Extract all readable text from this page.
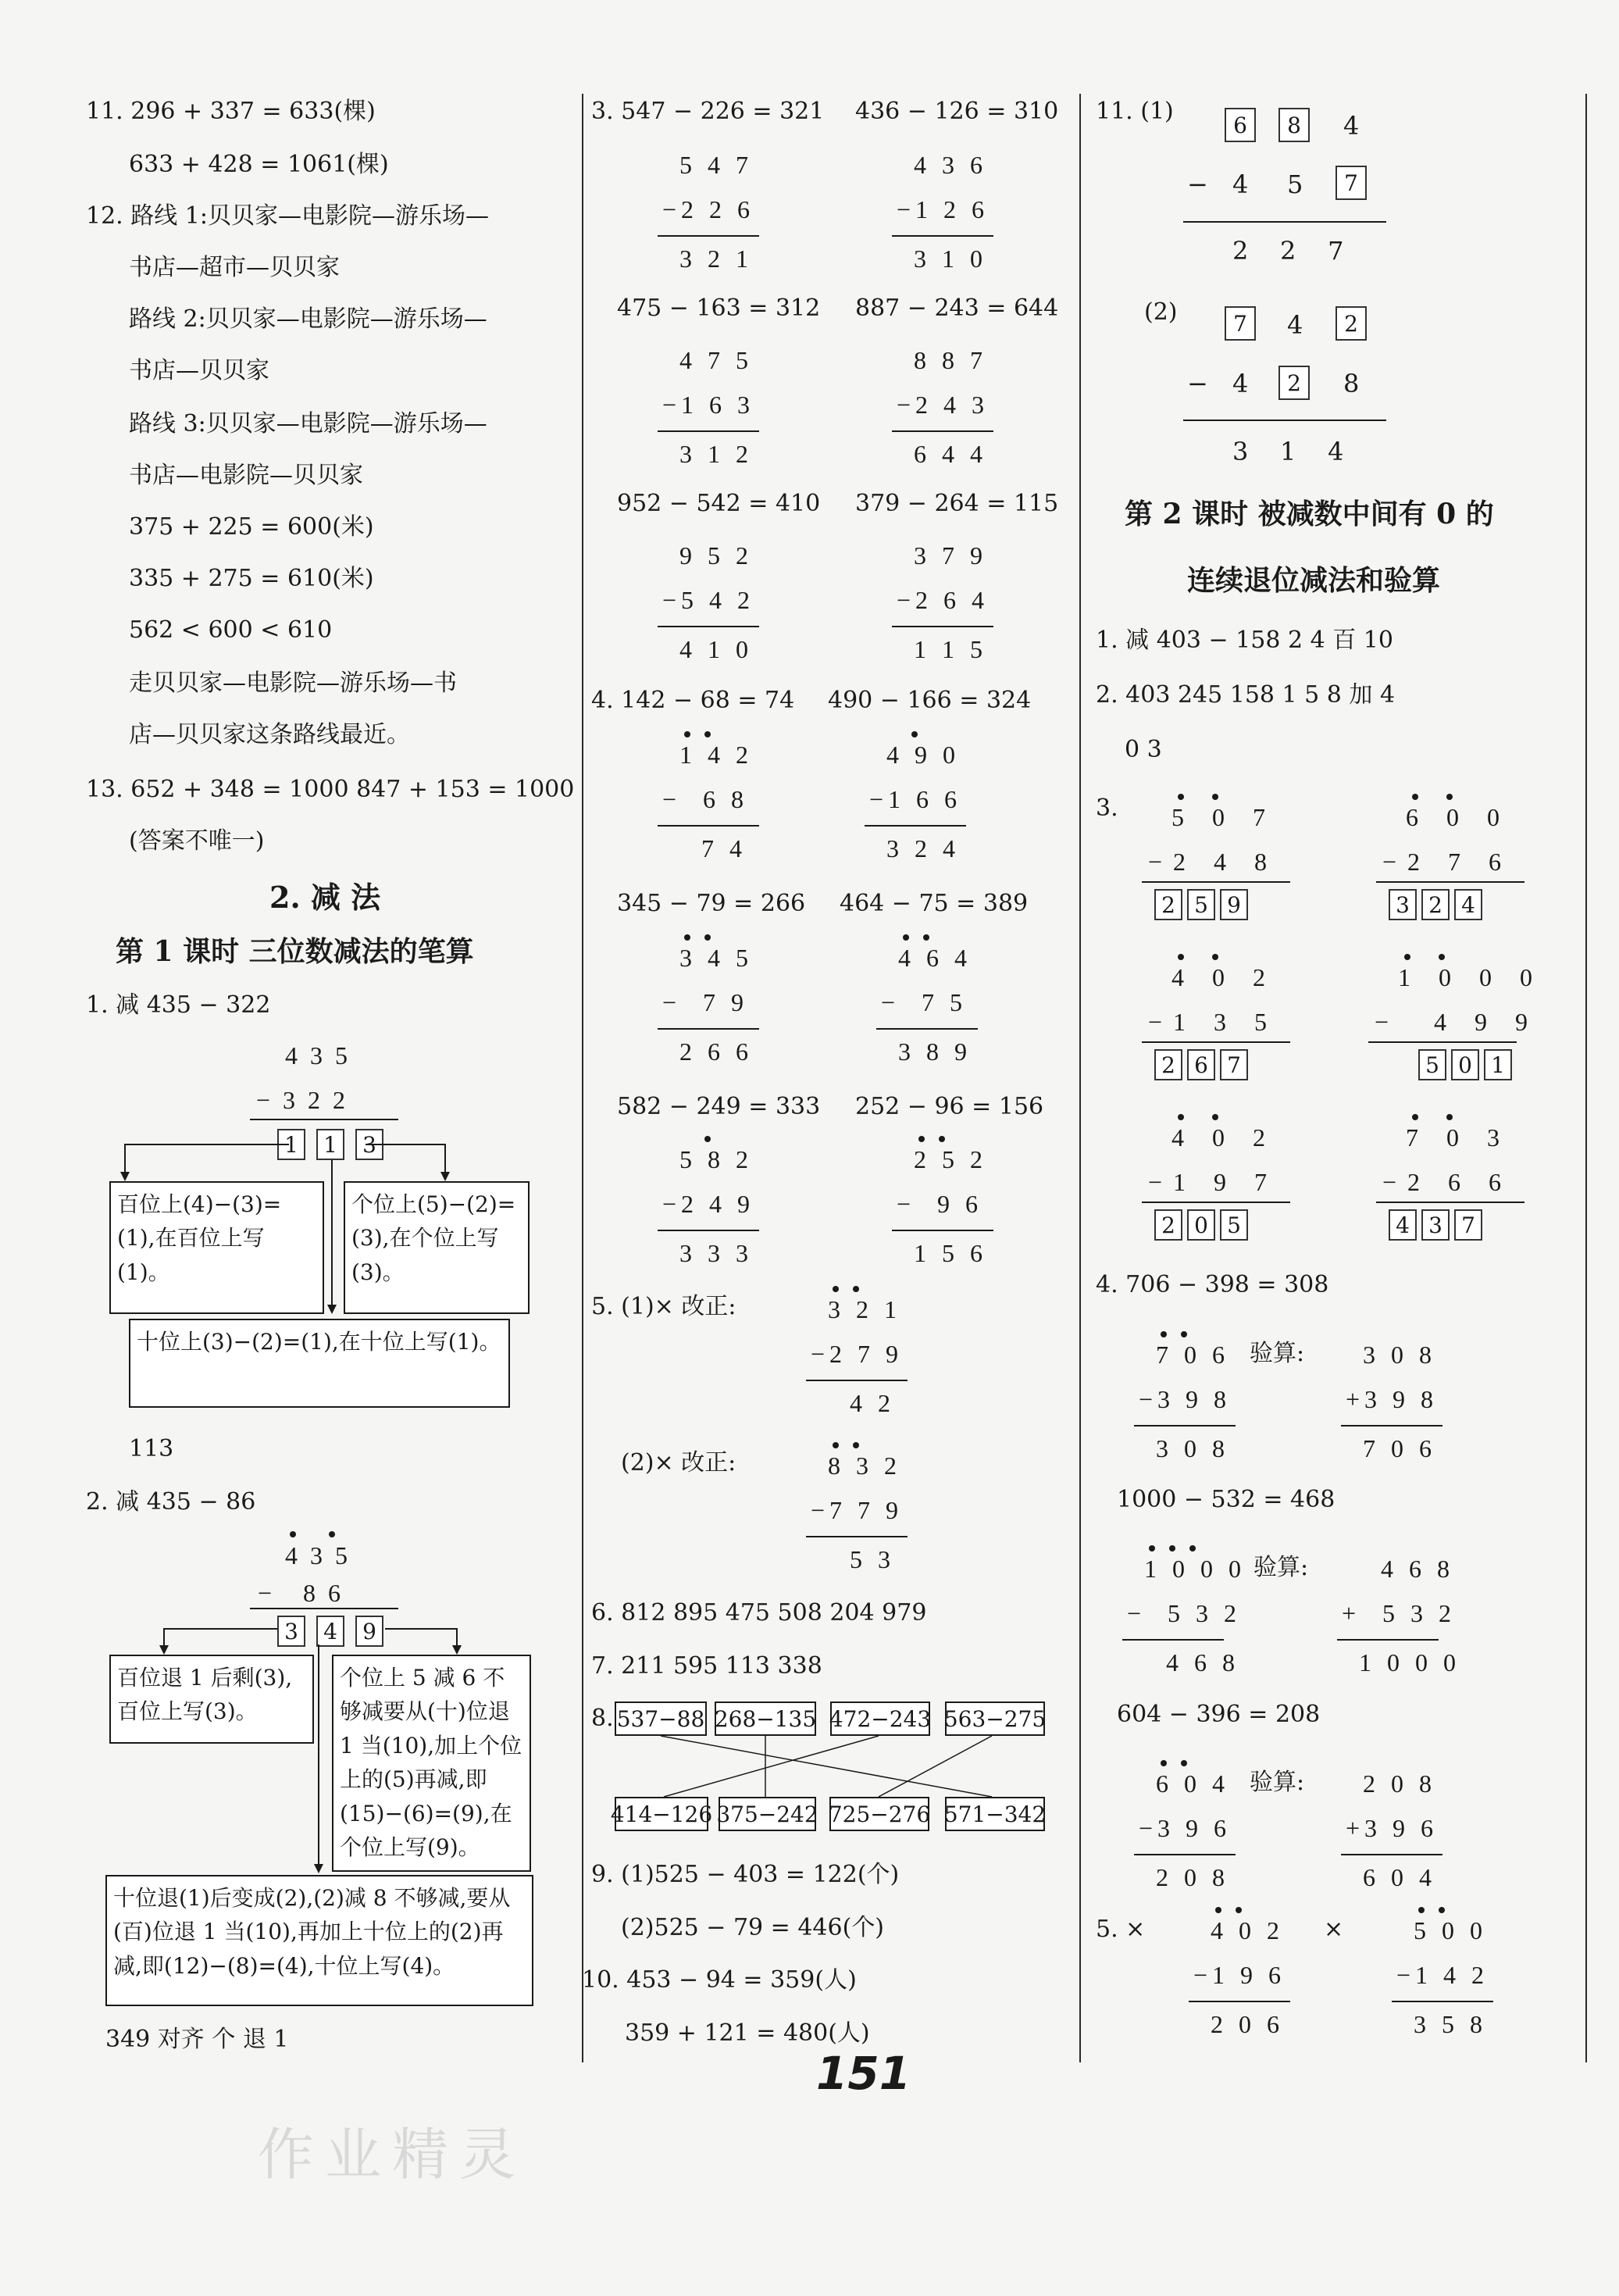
11. 296 + 337 = 633(棵)
633 + 428 = 1061(棵)
12. 路线 1:贝贝家—电影院—游乐场—
书店—超市—贝贝家
路线 2:贝贝家—电影院—游乐场—
书店—贝贝家
路线 3:贝贝家—电影院—游乐场—
书店—电影院—贝贝家
375 + 225 = 600(米)
335 + 275 = 610(米)
562 < 600 < 610
走贝贝家—电影院—游乐场—书
店—贝贝家这条路线最近。
13. 652 + 348 = 1000 847 + 153 = 1000
(答案不唯一)
2. 减 法
第 1 课时 三位数减法的笔算
1. 减 435 − 322
4  3  5
−  3  2  2
1	1	3
百位上(4)−(3)=(1),在百位上写(1)。
个位上(5)−(2)=(3),在个位上写(3)。
十位上(3)−(2)=(1),在十位上写(1)。
113
2. 减 435 − 86
4  3  5
−     8  6
3	4	9
百位退 1 后剩(3),百位上写(3)。
个位上 5 减 6 不够减要从(十)位退 1 当(10),加上个位上的(5)再减,即(15)−(6)=(9),在个位上写(9)。
十位退(1)后变成(2),(2)减 8 不够减,要从(百)位退 1 当(10),再加上十位上的(2)再减,即(12)−(8)=(4),十位上写(4)。
349 对齐 个 退 1
3. 547 − 226 = 321 436 − 126 = 310
5 4 7
−2 2 6
3 2 1
4 3 6
−1 2 6
3 1 0
4 7 5
−1 6 3
3 1 2
8 8 7
−2 4 3
6 4 4
9 5 2
−5 4 2
4 1 0
3 7 9
−2 6 4
1 1 5
1 4 2
−  6 8
7 4
4 9 0
−1 6 6
3 2 4
3 4 5
−  7 9
2 6 6
4 6 4
−  7 5
3 8 9
5 8 2
−2 4 9
3 3 3
2 5 2
−  9 6
1 5 6
3 2 1
−2 7 9
4 2
8 3 2
−7 7 9
5 3
475 − 163 = 312 887 − 243 = 644
952 − 542 = 410 379 − 264 = 115
4. 142 − 68 = 74 490 − 166 = 324
345 − 79 = 266 464 − 75 = 389
582 − 249 = 333 252 − 96 = 156
5. (1)× 改正:
(2)× 改正:
6. 812 895 475 508 204 979
7. 211 595 113 338
8. 537−88 268−135 472−243 563−275
414−126 375−242 725−276 571−342
9. (1)525 − 403 = 122(个)
(2)525 − 79 = 446(个)
10. 453 − 94 = 359(人)
359 + 121 = 480(人)
11. (1)	6	8	4
− 4 5	7
2    2    7
(2)	7	4	2
− 4	2	8
3    1    4
第 2 课时 被减数中间有 0 的
连续退位减法和验算
1. 减 403 − 158 2 4 百 10
2. 403 245 158 1 5 8 加 4
0 3
3. 5 0 7
−2 4 8
2 5 9
6 0 0
−2 7 6
3 2 4
4 0 2
−1 3 5
2 6 7
1 0 0 0
−  4 9 9
5 0 1
4 0 2
−1 9 7
2 0 5
7 0 3
−2 6 6
4 3 7
4. 706 − 398 = 308
1000 − 532 = 468
604 − 396 = 208
验算:
验算:
验算:
5. ×	×
7 0 6
−3 9 8
3 0 8
3 0 8
+3 9 8
7 0 6
1 0 0 0
−  5 3 2
4 6 8
4 6 8
+  5 3 2
1 0 0 0
6 0 4
−3 9 6
2 0 8
2 0 8
+3 9 6
6 0 4
4 0 2
−1 9 6
2 0 6
5 0 0
−1 4 2
3 5 8
151
作业精灵
